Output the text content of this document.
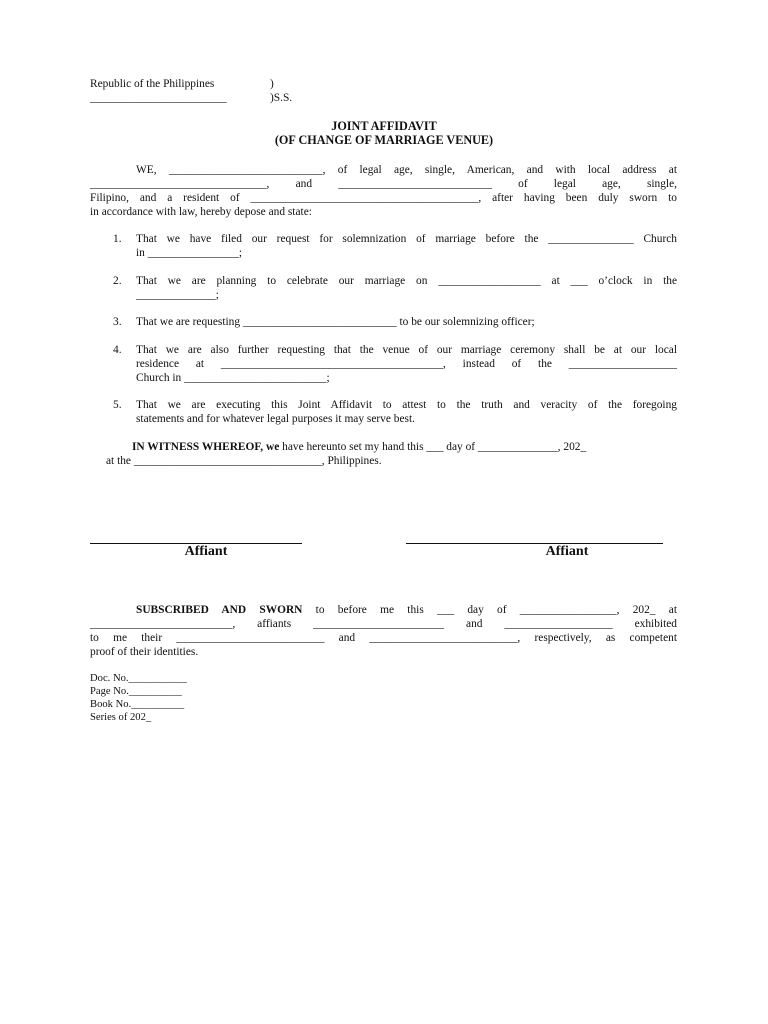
Republic of the Philippines	)
________________________	)S.S.
JOINT AFFIDAVIT
(OF CHANGE OF MARRIAGE VENUE)
WE, ___________________________, of legal age, single, American, and with local address at
_______________________________, and ___________________________ of legal age, single,
Filipino, and a resident of ________________________________________, after having been duly sworn to
in accordance with law, hereby depose and state:
1. That we have filed our request for solemnization of marriage before the _______________ Church
in ________________;
2. That we are planning to celebrate our marriage on __________________ at ___ o’clock in the
______________;
3. That we are requesting ___________________________ to be our solemnizing officer;
4. That we are also further requesting that the venue of our marriage ceremony shall be at our local
residence at _______________________________________, instead of the ___________________
Church in _________________________;
5. That we are executing this Joint Affidavit to attest to the truth and veracity of the foregoing
statements and for whatever legal purposes it may serve best.
IN WITNESS WHEREOF, we have hereunto set my hand this ___ day of ______________, 202_
at the _________________________________, Philippines.
Affiant	Affiant
SUBSCRIBED AND SWORN to before me this ___ day of _________________, 202_ at
_________________________, affiants _______________________ and ___________________ exhibited
to me their __________________________ and __________________________, respectively, as competent
proof of their identities.
Doc. No.___________
Page No.__________
Book No.__________
Series of 202_
